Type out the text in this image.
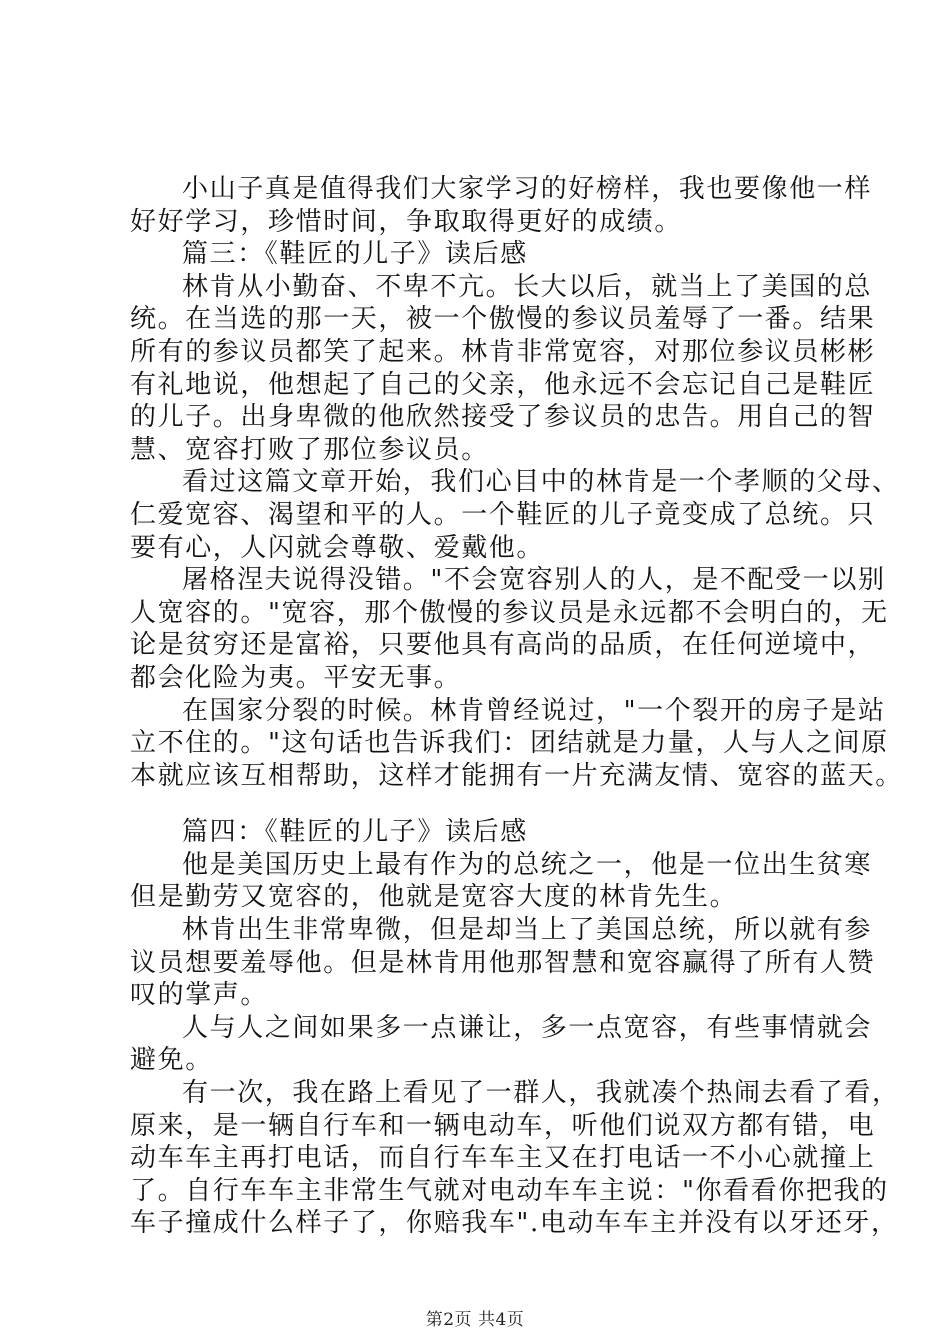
小山子真是值得我们大家学习的好榜样，我也要像他一样
好好学习，珍惜时间，争取取得更好的成绩。
篇三：《鞋匠的儿子》读后感
林肯从小勤奋、不卑不亢。长大以后，就当上了美国的总
统。在当选的那一天，被一个傲慢的参议员羞辱了一番。结果
所有的参议员都笑了起来。林肯非常宽容，对那位参议员彬彬
有礼地说，他想起了自己的父亲，他永远不会忘记自己是鞋匠
的儿子。出身卑微的他欣然接受了参议员的忠告。用自己的智
慧、宽容打败了那位参议员。
看过这篇文章开始，我们心目中的林肯是一个孝顺的父母、
仁爱宽容、渴望和平的人。一个鞋匠的儿子竟变成了总统。只
要有心，人闪就会尊敬、爱戴他。
屠格涅夫说得没错。"不会宽容别人的人，是不配受一以别
人宽容的。"宽容，那个傲慢的参议员是永远都不会明白的，无
论是贫穷还是富裕，只要他具有高尚的品质，在任何逆境中，
都会化险为夷。平安无事。
在国家分裂的时候。林肯曾经说过，"一个裂开的房子是站
立不住的。"这句话也告诉我们：团结就是力量，人与人之间原
本就应该互相帮助，这样才能拥有一片充满友情、宽容的蓝天。
篇四：《鞋匠的儿子》读后感
他是美国历史上最有作为的总统之一，他是一位出生贫寒
但是勤劳又宽容的，他就是宽容大度的林肯先生。
林肯出生非常卑微，但是却当上了美国总统，所以就有参
议员想要羞辱他。但是林肯用他那智慧和宽容赢得了所有人赞
叹的掌声。
人与人之间如果多一点谦让，多一点宽容，有些事情就会
避免。
有一次，我在路上看见了一群人，我就凑个热闹去看了看，
原来，是一辆自行车和一辆电动车，听他们说双方都有错，电
动车车主再打电话，而自行车车主又在打电话一不小心就撞上
了。自行车车主非常生气就对电动车车主说："你看看你把我的
车子撞成什么样子了，你赔我车".电动车车主并没有以牙还牙，
第2页 共4页
